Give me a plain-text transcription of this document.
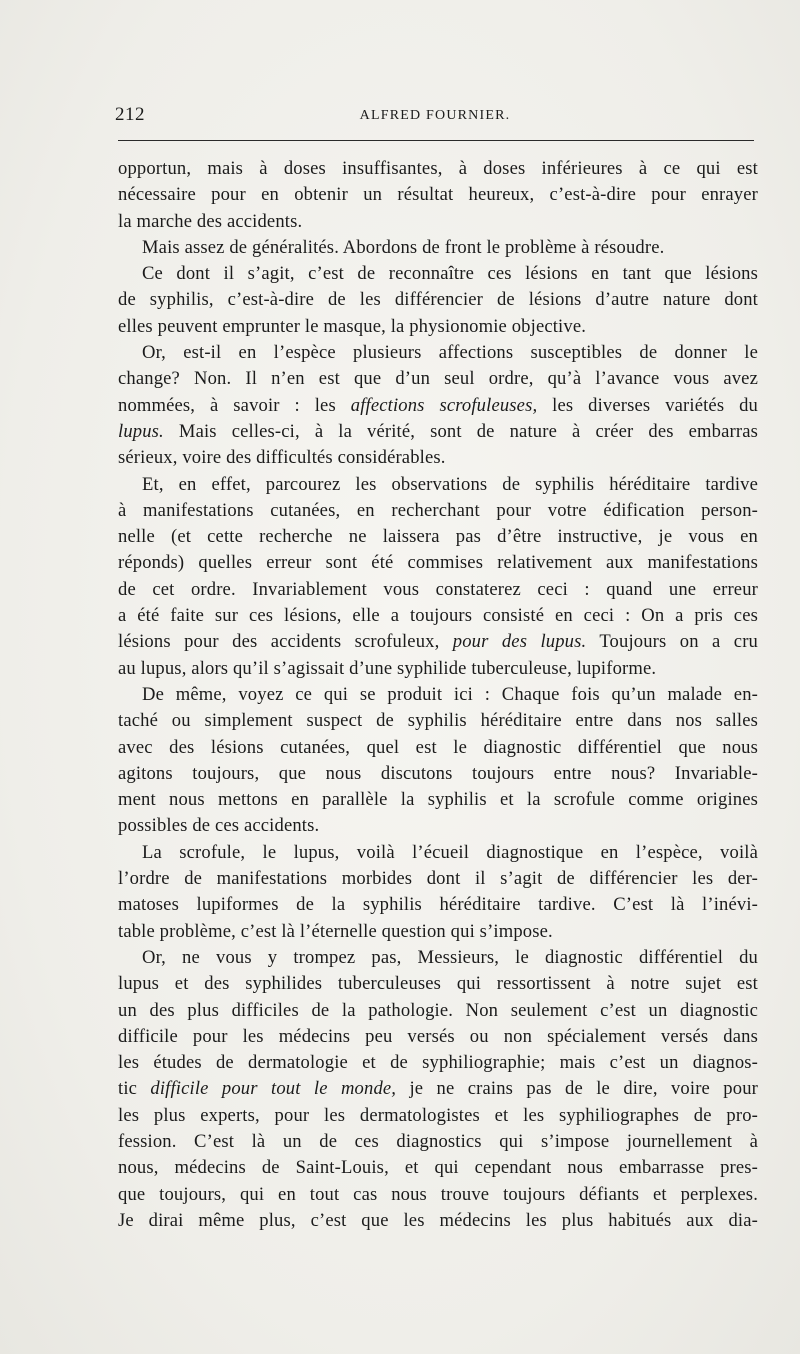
212	ALFRED FOURNIER.

opportun, mais à doses insuffisantes, à doses inférieures à ce qui est

nécessaire pour en obtenir un résultat heureux, c’est-à-dire pour enrayer

la marche des accidents.

Mais assez de généralités. Abordons de front le problème à résoudre.

Ce dont il s’agit, c’est de reconnaître ces lésions en tant que lésions

de syphilis, c’est-à-dire de les différencier de lésions d’autre nature dont

elles peuvent emprunter le masque, la physionomie objective.

Or, est-il en l’espèce plusieurs affections susceptibles de donner le

change? Non. Il n’en est que d’un seul ordre, qu’à l’avance vous avez

nommées, à savoir : les affections scrofuleuses, les diverses variétés du

lupus. Mais celles-ci, à la vérité, sont de nature à créer des embarras

sérieux, voire des difficultés considérables.

Et, en effet, parcourez les observations de syphilis héréditaire tardive

à manifestations cutanées, en recherchant pour votre édification person-

nelle (et cette recherche ne laissera pas d’être instructive, je vous en

réponds) quelles erreur sont été commises relativement aux manifestations

de cet ordre. Invariablement vous constaterez ceci : quand une erreur

a été faite sur ces lésions, elle a toujours consisté en ceci : On a pris ces

lésions pour des accidents scrofuleux, pour des lupus. Toujours on a cru

au lupus, alors qu’il s’agissait d’une syphilide tuberculeuse, lupiforme.

De même, voyez ce qui se produit ici : Chaque fois qu’un malade en-

taché ou simplement suspect de syphilis héréditaire entre dans nos salles

avec des lésions cutanées, quel est le diagnostic différentiel que nous

agitons toujours, que nous discutons toujours entre nous? Invariable-

ment nous mettons en parallèle la syphilis et la scrofule comme origines

possibles de ces accidents.

La scrofule, le lupus, voilà l’écueil diagnostique en l’espèce, voilà

l’ordre de manifestations morbides dont il s’agit de différencier les der-

matoses lupiformes de la syphilis héréditaire tardive. C’est là l’inévi-

table problème, c’est là l’éternelle question qui s’impose.

Or, ne vous y trompez pas, Messieurs, le diagnostic différentiel du

lupus et des syphilides tuberculeuses qui ressortissent à notre sujet est

un des plus difficiles de la pathologie. Non seulement c’est un diagnostic

difficile pour les médecins peu versés ou non spécialement versés dans

les études de dermatologie et de syphiliographie; mais c’est un diagnos-

tic difficile pour tout le monde, je ne crains pas de le dire, voire pour

les plus experts, pour les dermatologistes et les syphiliographes de pro-

fession. C’est là un de ces diagnostics qui s’impose journellement à

nous, médecins de Saint-Louis, et qui cependant nous embarrasse pres-

que toujours, qui en tout cas nous trouve toujours défiants et perplexes.

Je dirai même plus, c’est que les médecins les plus habitués aux dia-
